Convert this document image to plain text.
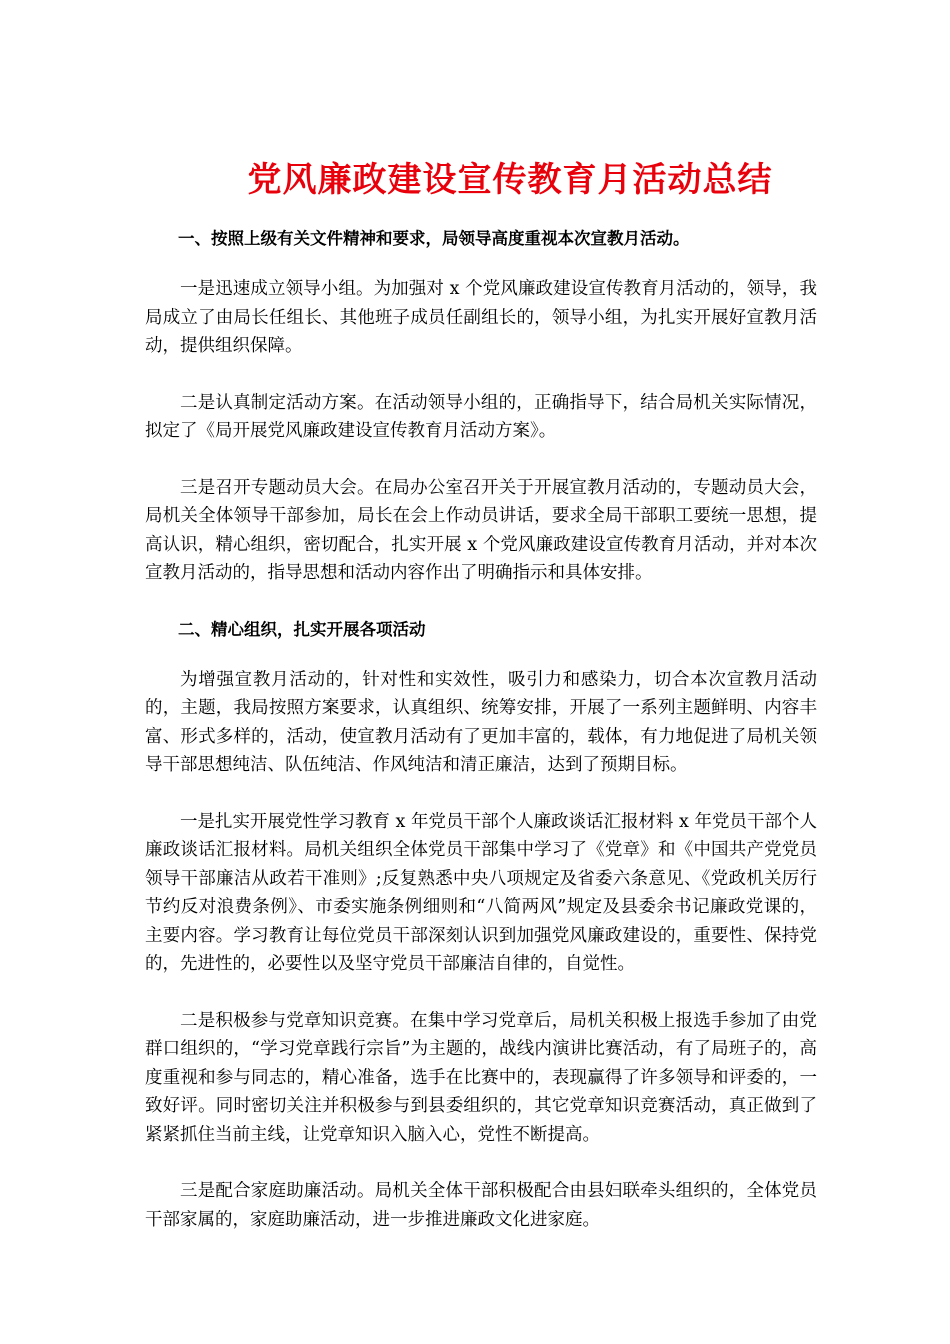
党风廉政建设宣传教育月活动总结

一、按照上级有关文件精神和要求，局领导高度重视本次宣教月活动。

一是迅速成立领导小组。为加强对 x 个党风廉政建设宣传教育月活动的，领导，我局成立了由局长任组长、其他班子成员任副组长的，领导小组，为扎实开展好宣教月活动，提供组织保障。

二是认真制定活动方案。在活动领导小组的，正确指导下，结合局机关实际情况，拟定了《局开展党风廉政建设宣传教育月活动方案》。

三是召开专题动员大会。在局办公室召开关于开展宣教月活动的，专题动员大会，局机关全体领导干部参加，局长在会上作动员讲话，要求全局干部职工要统一思想，提高认识，精心组织，密切配合，扎实开展 x 个党风廉政建设宣传教育月活动，并对本次宣教月活动的，指导思想和活动内容作出了明确指示和具体安排。

二、精心组织，扎实开展各项活动

为增强宣教月活动的，针对性和实效性，吸引力和感染力，切合本次宣教月活动的，主题，我局按照方案要求，认真组织、统筹安排，开展了一系列主题鲜明、内容丰富、形式多样的，活动，使宣教月活动有了更加丰富的，载体，有力地促进了局机关领导干部思想纯洁、队伍纯洁、作风纯洁和清正廉洁，达到了预期目标。

一是扎实开展党性学习教育 x 年党员干部个人廉政谈话汇报材料 x 年党员干部个人廉政谈话汇报材料。局机关组织全体党员干部集中学习了《党章》和《中国共产党党员领导干部廉洁从政若干准则》;反复熟悉中央八项规定及省委六条意见、《党政机关厉行节约反对浪费条例》、市委实施条例细则和“八简两风”规定及县委余书记廉政党课的，主要内容。学习教育让每位党员干部深刻认识到加强党风廉政建设的，重要性、保持党的，先进性的，必要性以及坚守党员干部廉洁自律的，自觉性。

二是积极参与党章知识竞赛。在集中学习党章后，局机关积极上报选手参加了由党群口组织的，“学习党章践行宗旨”为主题的，战线内演讲比赛活动，有了局班子的，高度重视和参与同志的，精心准备，选手在比赛中的，表现赢得了许多领导和评委的，一致好评。同时密切关注并积极参与到县委组织的，其它党章知识竞赛活动，真正做到了紧紧抓住当前主线，让党章知识入脑入心，党性不断提高。

三是配合家庭助廉活动。局机关全体干部积极配合由县妇联牵头组织的，全体党员干部家属的，家庭助廉活动，进一步推进廉政文化进家庭。
